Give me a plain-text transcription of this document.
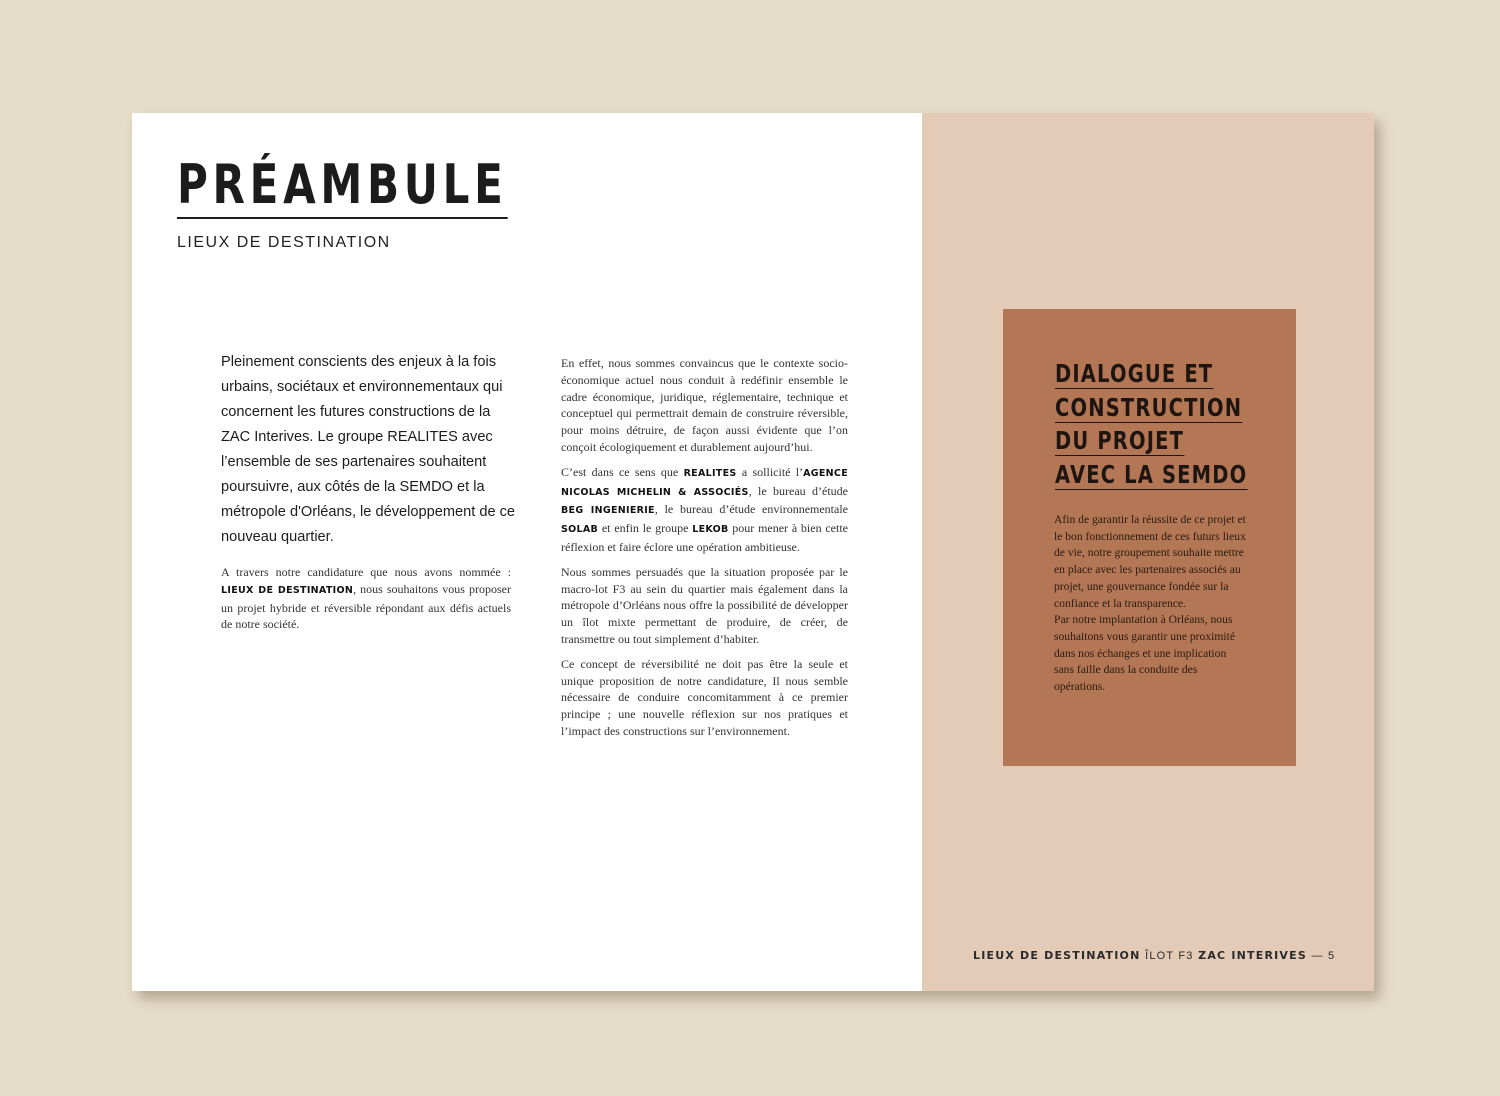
PRÉAMBULE
LIEUX DE DESTINATION
Pleinement conscients des enjeux à la fois urbains, sociétaux et environnementaux qui concernent les futures constructions de la ZAC Interives. Le groupe REALITES avec l’ensemble de ses partenaires souhaitent poursuivre, aux côtés de la SEMDO et la métropole d'Orléans, le développement de ce nouveau quartier.
A travers notre candidature que nous avons nommée : LIEUX DE DESTINATION, nous souhaitons vous proposer un projet hybride et réversible répondant aux défis actuels de notre société.

En effet, nous sommes convaincus que le contexte socio-économique actuel nous conduit à redéfinir ensemble le cadre économique, juridique, réglementaire, technique et conceptuel qui permettrait demain de construire réversible, pour moins détruire, de façon aussi évidente que l’on conçoit écologiquement et durablement aujourd’hui.

C’est dans ce sens que REALITES a sollicité l’AGENCE NICOLAS MICHELIN & ASSOCIÉS, le bureau d’étude BEG INGENIERIE, le bureau d’étude environnementale SOLAB et enfin le groupe LEKOB pour mener à bien cette réflexion et faire éclore une opération ambitieuse.

Nous sommes persuadés que la situation proposée par le macro-lot F3 au sein du quartier mais également dans la métropole d’Orléans nous offre la possibilité de développer un îlot mixte permettant de produire, de créer, de transmettre ou tout simplement d’habiter.

Ce concept de réversibilité ne doit pas être la seule et unique proposition de notre candidature, Il nous semble nécessaire de conduire concomitamment à ce premier principe ; une nouvelle réflexion sur nos pratiques et l’impact des constructions sur l’environnement.

DIALOGUE ET
CONSTRUCTION
DU PROJET
AVEC LA SEMDO
Afin de garantir la réussite de ce projet et le bon fonctionnement de ces futurs lieux de vie, notre groupement souhaite mettre en place avec les partenaires associés au projet, une gouvernance fondée sur la confiance et la transparence.
Par notre implantation à Orléans, nous souhaitons vous garantir une proximité dans nos échanges et une implication sans faille dans la conduite des opérations.
LIEUX DE DESTINATION ÎLOT F3 ZAC INTERIVES — 5
